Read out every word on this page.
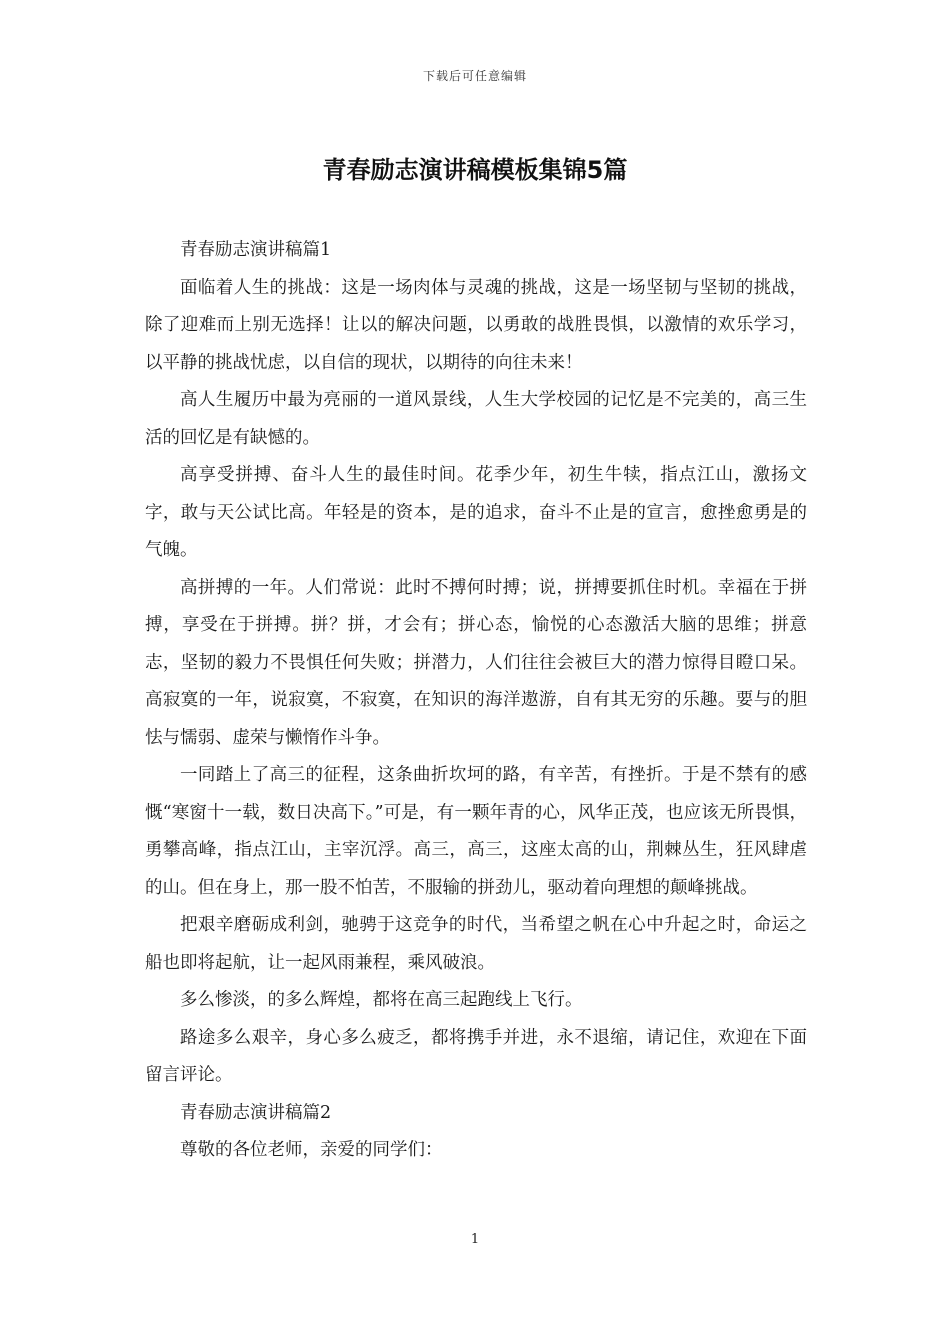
下载后可任意编辑
青春励志演讲稿模板集锦5篇

青春励志演讲稿篇1

面临着人生的挑战：这是一场肉体与灵魂的挑战，这是一场坚韧与坚韧的挑战，除了迎难而上别无选择！让以的解决问题，以勇敢的战胜畏惧，以激情的欢乐学习，以平静的挑战忧虑，以自信的现状，以期待的向往未来！

高人生履历中最为亮丽的一道风景线，人生大学校园的记忆是不完美的，高三生活的回忆是有缺憾的。

高享受拼搏、奋斗人生的最佳时间。花季少年，初生牛犊，指点江山，激扬文字，敢与天公试比高。年轻是的资本，是的追求，奋斗不止是的宣言，愈挫愈勇是的气魄。

高拼搏的一年。人们常说：此时不搏何时搏；说，拼搏要抓住时机。幸福在于拼搏，享受在于拼搏。拼？拼，才会有；拼心态，愉悦的心态激活大脑的思维；拼意志，坚韧的毅力不畏惧任何失败；拼潜力，人们往往会被巨大的潜力惊得目瞪口呆。高寂寞的一年，说寂寞，不寂寞，在知识的海洋遨游，自有其无穷的乐趣。要与的胆怯与懦弱、虚荣与懒惰作斗争。

一同踏上了高三的征程，这条曲折坎坷的路，有辛苦，有挫折。于是不禁有的感慨“寒窗十一载，数日决高下。”可是，有一颗年青的心，风华正茂，也应该无所畏惧，勇攀高峰，指点江山，主宰沉浮。高三，高三，这座太高的山，荆棘丛生，狂风肆虐的山。但在身上，那一股不怕苦，不服输的拼劲儿，驱动着向理想的颠峰挑战。

把艰辛磨砺成利剑，驰骋于这竞争的时代，当希望之帆在心中升起之时，命运之船也即将起航，让一起风雨兼程，乘风破浪。

多么惨淡，的多么辉煌，都将在高三起跑线上飞行。

路途多么艰辛，身心多么疲乏，都将携手并进，永不退缩，请记住，欢迎在下面留言评论。

青春励志演讲稿篇2

尊敬的各位老师，亲爱的同学们：

1
